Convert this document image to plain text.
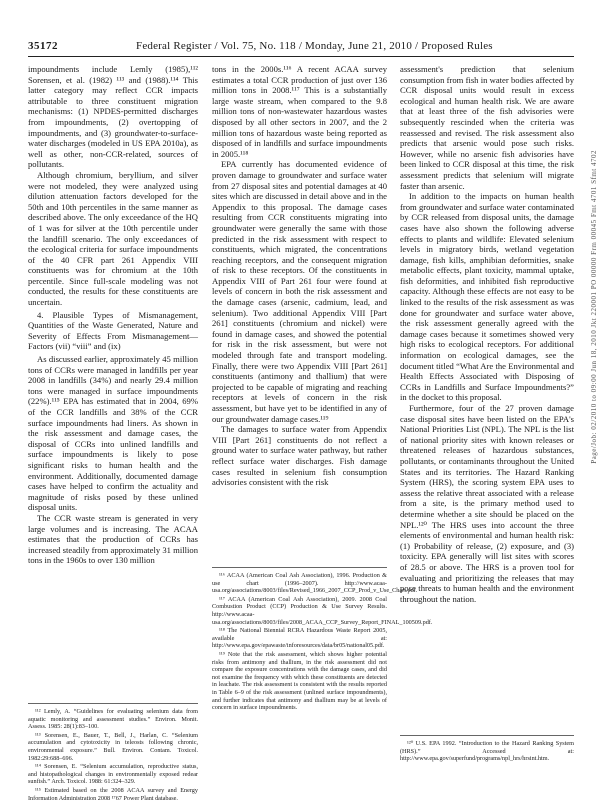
35172	Federal Register / Vol. 75, No. 118 / Monday, June 21, 2010 / Proposed Rules

impoundments include Lemly (1985),¹¹² Sorensen, et al. (1982) ¹¹³ and (1988).¹¹⁴ This latter category may reflect CCR impacts attributable to three constituent migration mechanisms: (1) NPDES-permitted discharges from impoundments, (2) overtopping of impoundments, and (3) groundwater-to-surface-water discharges (modeled in US EPA 2010a), as well as other, non-CCR-related, sources of pollutants.

Although chromium, beryllium, and silver were not modeled, they were analyzed using dilution attenuation factors developed for the 50th and 10th percentiles in the same manner as described above. The only exceedance of the HQ of 1 was for silver at the 10th percentile under the landfill scenario. The only exceedances of the ecological criteria for surface impoundments of the 40 CFR part 261 Appendix VIII constituents was for chromium at the 10th percentile. Since full-scale modeling was not conducted, the results for these constituents are uncertain.

4. Plausible Types of Mismanagement, Quantities of the Waste Generated, Nature and Severity of Effects From Mismanagement—Factors (vii) “viii” and (ix)

As discussed earlier, approximately 45 million tons of CCRs were managed in landfills per year 2008 in landfills (34%) and nearly 29.4 million tons were managed in surface impoundments (22%).¹¹⁵ EPA has estimated that in 2004, 69% of the CCR landfills and 38% of the CCR surface impoundments had liners. As shown in the risk assessment and damage cases, the disposal of CCRs into unlined landfills and surface impoundments is likely to pose significant risks to human health and the environment. Additionally, documented damage cases have helped to confirm the actuality and magnitude of risks posed by these unlined disposal units.

The CCR waste stream is generated in very large volumes and is increasing. The ACAA estimates that the production of CCRs has increased steadily from approximately 31 million tons in the 1960s to over 130 million

¹¹² Lemly, A. “Guidelines for evaluating selenium data from aquatic monitoring and assessment studies.” Environ. Monit. Assess. 1985: 28(1):83–100.

¹¹³ Sorensen, E., Bauer, T., Bell, J., Harlan, C. “Selenium accumulation and cytotoxicity in teleosts following chronic, environmental exposure.” Bull. Environ. Contam. Toxicol. 1982:29:688–696.

¹¹⁴ Sorensen, E. “Selenium accumulation, reproductive status, and histopathological changes in environmentally exposed redear sunfish.” Arch. Toxicol. 1988: 61:324–329.

¹¹⁵ Estimated based on the 2008 ACAA survey and Energy Information Administration 2008 ¹⁷67 Power Plant database.

tons in the 2000s.¹¹⁶ A recent ACAA survey estimates a total CCR production of just over 136 million tons in 2008.¹¹⁷ This is a substantially large waste stream, when compared to the 9.8 million tons of non-wastewater hazardous wastes disposed by all other sectors in 2007, and the 2 million tons of hazardous waste being reported as disposed of in landfills and surface impoundments in 2005.¹¹⁸

EPA currently has documented evidence of proven damage to groundwater and surface water from 27 disposal sites and potential damages at 40 sites which are discussed in detail above and in the Appendix to this proposal. The damage cases resulting from CCR constituents migrating into groundwater were generally the same with those predicted in the risk assessment with respect to constituents, which migrated, the concentrations reaching receptors, and the consequent migration of risk to these receptors. Of the constituents in Appendix VIII of Part 261 four were found at levels of concern in both the risk assessment and the damage cases (arsenic, cadmium, lead, and selenium). Two additional Appendix VIII [Part 261] constituents (chromium and nickel) were found in damage cases, and showed the potential for risk in the risk assessment, but were not modeled through fate and transport modeling. Finally, there were two Appendix VIII [Part 261] constituents (antimony and thallium) that were projected to be capable of migrating and reaching receptors at levels of concern in the risk assessment, but have yet to be identified in any of our groundwater damage cases.¹¹⁹

The damages to surface water from Appendix VIII [Part 261] constituents do not reflect a ground water to surface water pathway, but rather reflect surface water discharges. Fish damage cases resulted in selenium fish consumption advisories consistent with the risk

¹¹⁶ ACAA (American Coal Ash Association), 1996. Production & use chart (1996–2007). http://www.acaa-usa.org/associations/8003/files/Revised_1966_2007_CCP_Prod_v_Use_Chart.pdf.

¹¹⁷ ACAA (American Coal Ash Association), 2009. 2008 Coal Combustion Product (CCP) Production & Use Survey Results. http://www.acaa-usa.org/associations/8003/files/2008_ACAA_CCP_Survey_Report_FINAL_100509.pdf.

¹¹⁸ The National Biennial RCRA Hazardous Waste Report 2005, available at: http://www.epa.gov/epawaste/inforesources/data/br05/national05.pdf.

¹¹⁹ Note that the risk assessment, which shows higher potential risks from antimony and thallium, in the risk assessment did not compare the exposure concentrations with the damage cases, and did not examine the frequency with which these constituents are detected in leachate. The risk assessment is consistent with the results reported in Table 6–9 of the risk assessment (unlined surface impoundments), and further indicates that antimony and thallium may be at levels of concern in surface impoundments.

assessment's prediction that selenium consumption from fish in water bodies affected by CCR disposal units would result in excess ecological and human health risk. We are aware that at least three of the fish advisories were subsequently rescinded when the criteria was reassessed and revised. The risk assessment also predicts that arsenic would pose such risks. However, while no arsenic fish advisories have been linked to CCR disposal at this time, the risk assessment predicts that selenium will migrate faster than arsenic.

In addition to the impacts on human health from groundwater and surface water contaminated by CCR released from disposal units, the damage cases have also shown the following adverse effects to plants and wildlife: Elevated selenium levels in migratory birds, wetland vegetation damage, fish kills, amphibian deformities, snake metabolic effects, plant toxicity, mammal uptake, fish deformities, and inhibited fish reproductive capacity. Although these effects are not easy to be linked to the results of the risk assessment as was done for groundwater and surface water above, the risk assessment generally agreed with the damage cases because it sometimes showed very high risks to ecological receptors. For additional information on ecological damages, see the document titled “What Are the Environmental and Health Effects Associated with Disposing of CCRs in Landfills and Surface Impoundments?” in the docket to this proposal.

Furthermore, four of the 27 proven damage case disposal sites have been listed on the EPA's National Priorities List (NPL). The NPL is the list of national priority sites with known releases or threatened releases of hazardous substances, pollutants, or contaminants throughout the United States and its territories. The Hazard Ranking System (HRS), the scoring system EPA uses to assess the relative threat associated with a release from a site, is the primary method used to determine whether a site should be placed on the NPL.¹²⁰ The HRS uses into account the three elements of environmental and human health risk: (1) Probability of release, (2) exposure, and (3) toxicity. EPA generally will list sites with scores of 28.5 or above. The HRS is a proven tool for evaluating and prioritizing the releases that may pose threats to human health and the environment throughout the nation.

¹²⁰ U.S. EPA 1992. “Introduction to the Hazard Ranking System (HRS).” Accessed at: http://www.epa.gov/superfund/programs/npl_hrs/hrsint.htm.

Page/Job: 02/2010 to 09:00 Jun 18, 2010 Jkt 220001 PO 00000 Frm 00045 Fmt 4701 Sfmt 4702
